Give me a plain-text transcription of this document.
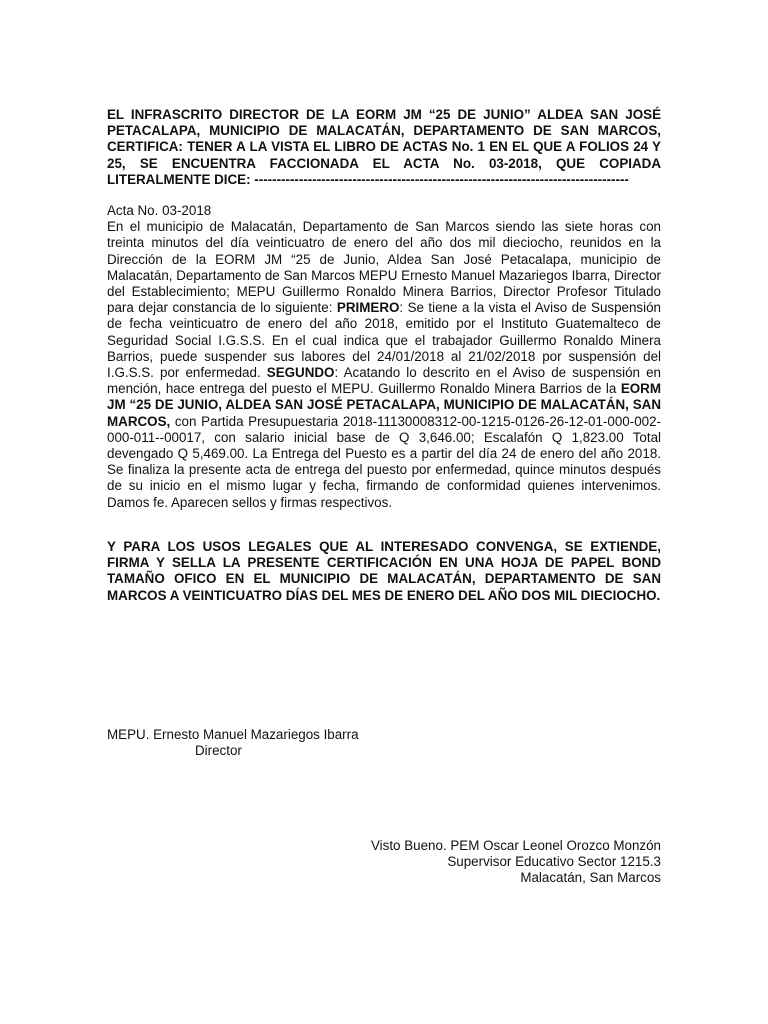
EL INFRASCRITO DIRECTOR DE LA EORM JM “25 DE JUNIO” ALDEA SAN JOSÉ PETACALAPA, MUNICIPIO DE MALACATÁN, DEPARTAMENTO DE SAN MARCOS, CERTIFICA: TENER A LA VISTA EL LIBRO DE ACTAS No. 1 EN EL QUE A FOLIOS 24 Y 25, SE ENCUENTRA FACCIONADA EL ACTA No. 03-2018, QUE COPIADA LITERALMENTE DICE: ------------------------------------------------------------------------------------
Acta No. 03-2018
En el municipio de Malacatán, Departamento de San Marcos siendo las siete horas con treinta minutos del día veinticuatro de enero del año dos mil dieciocho, reunidos en la Dirección de la EORM JM “25 de Junio, Aldea San José Petacalapa, municipio de Malacatán, Departamento de San Marcos MEPU Ernesto Manuel Mazariegos Ibarra, Director del Establecimiento; MEPU Guillermo Ronaldo Minera Barrios, Director Profesor Titulado para dejar constancia de lo siguiente: PRIMERO: Se tiene a la vista el Aviso de Suspensión de fecha veinticuatro de enero del año 2018, emitido por el Instituto Guatemalteco de Seguridad Social I.G.S.S. En el cual indica que el trabajador Guillermo Ronaldo Minera Barrios, puede suspender sus labores del 24/01/2018 al 21/02/2018 por suspensión del I.G.S.S. por enfermedad. SEGUNDO: Acatando lo descrito en el Aviso de suspensión en mención, hace entrega del puesto el MEPU. Guillermo Ronaldo Minera Barrios de la EORM JM “25 DE JUNIO, ALDEA SAN JOSÉ PETACALAPA, MUNICIPIO DE MALACATÁN, SAN MARCOS, con Partida Presupuestaria 2018-11130008312-00-1215-0126-26-12-01-000-002-000-011--00017, con salario inicial base de Q 3,646.00; Escalafón Q 1,823.00 Total devengado Q 5,469.00. La Entrega del Puesto es a partir del día 24 de enero del año 2018. Se finaliza la presente acta de entrega del puesto por enfermedad, quince minutos después de su inicio en el mismo lugar y fecha, firmando de conformidad quienes intervenimos. Damos fe. Aparecen sellos y firmas respectivos.
Y PARA LOS USOS LEGALES QUE AL INTERESADO CONVENGA, SE EXTIENDE, FIRMA Y SELLA LA PRESENTE CERTIFICACIÓN EN UNA HOJA DE PAPEL BOND TAMAÑO OFICO EN EL MUNICIPIO DE MALACATÁN, DEPARTAMENTO DE SAN MARCOS A VEINTICUATRO DÍAS DEL MES DE ENERO DEL AÑO DOS MIL DIECIOCHO.
MEPU. Ernesto Manuel Mazariegos Ibarra
Director
Visto Bueno. PEM Oscar Leonel Orozco Monzón
Supervisor Educativo Sector 1215.3
Malacatán, San Marcos
